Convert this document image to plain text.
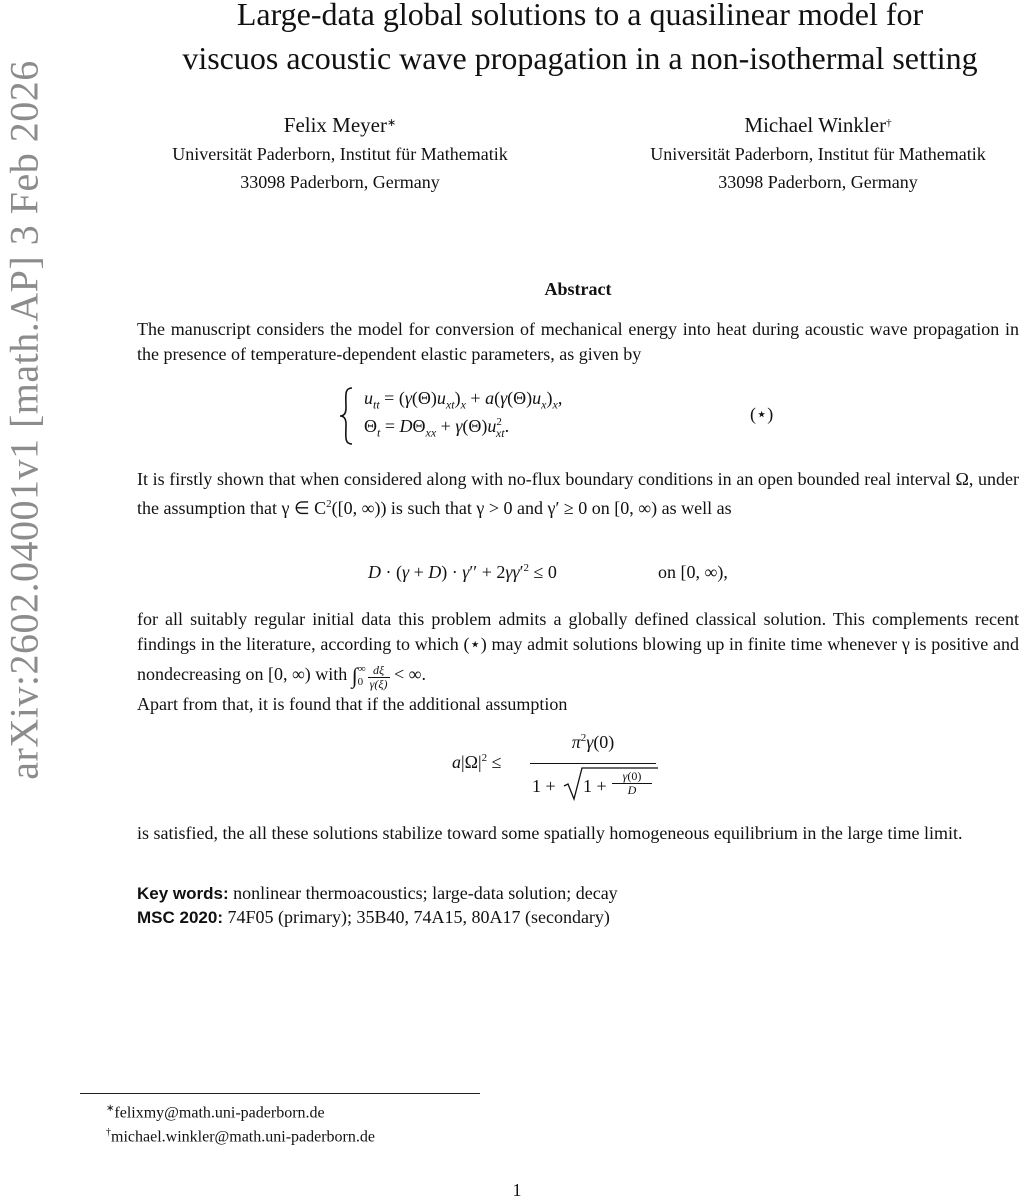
arXiv:2602.04001v1 [math.AP] 3 Feb 2026
Large-data global solutions to a quasilinear model for
viscuos acoustic wave propagation in a non-isothermal setting
Felix Meyer∗
Universität Paderborn, Institut für Mathematik
33098 Paderborn, Germany
Michael Winkler†
Universität Paderborn, Institut für Mathematik
33098 Paderborn, Germany
Abstract
The manuscript considers the model for conversion of mechanical energy into heat during acoustic wave propagation in the presence of temperature-dependent elastic parameters, as given by
$u_{tt} = (\gamma(\Theta)u_{xt})_x + a(\gamma(\Theta)u_x)_x$,
$\Theta_t = D\Theta_{xx} + \gamma(\Theta)u^2_{xt}$.
(⋆)
It is firstly shown that when considered along with no-flux boundary conditions in an open bounded real interval Ω, under the assumption that γ ∈ $C^2([0$, ∞)) is such that γ > 0 and γ′ ≥ 0 on [0, ∞) as well as
$D \cdot (\gamma + D) \cdot \gamma'' + 2\gamma\gamma'^2 \le 0$	on [0, ∞),
for all suitably regular initial data this problem admits a globally defined classical solution. This complements recent findings in the literature, according to which (⋆) may admit solutions blowing up in finite time whenever γ is positive and nondecreasing on [0, ∞) with $\int^\infty_0 \frac{d\xi}{\gamma(\xi)}$ < ∞.
Apart from that, it is found that if the additional assumption
$a|\Omega|^2$ ≤
$\pi^2\gamma(0)$
1 + 1 +	γ(0)
D
is satisfied, the all these solutions stabilize toward some spatially homogeneous equilibrium in the large time limit.
Key words: nonlinear thermoacoustics; large-data solution; decay
MSC 2020: 74F05 (primary); 35B40, 74A15, 80A17 (secondary)
∗felixmy@math.uni-paderborn.de
†michael.winkler@math.uni-paderborn.de
1
